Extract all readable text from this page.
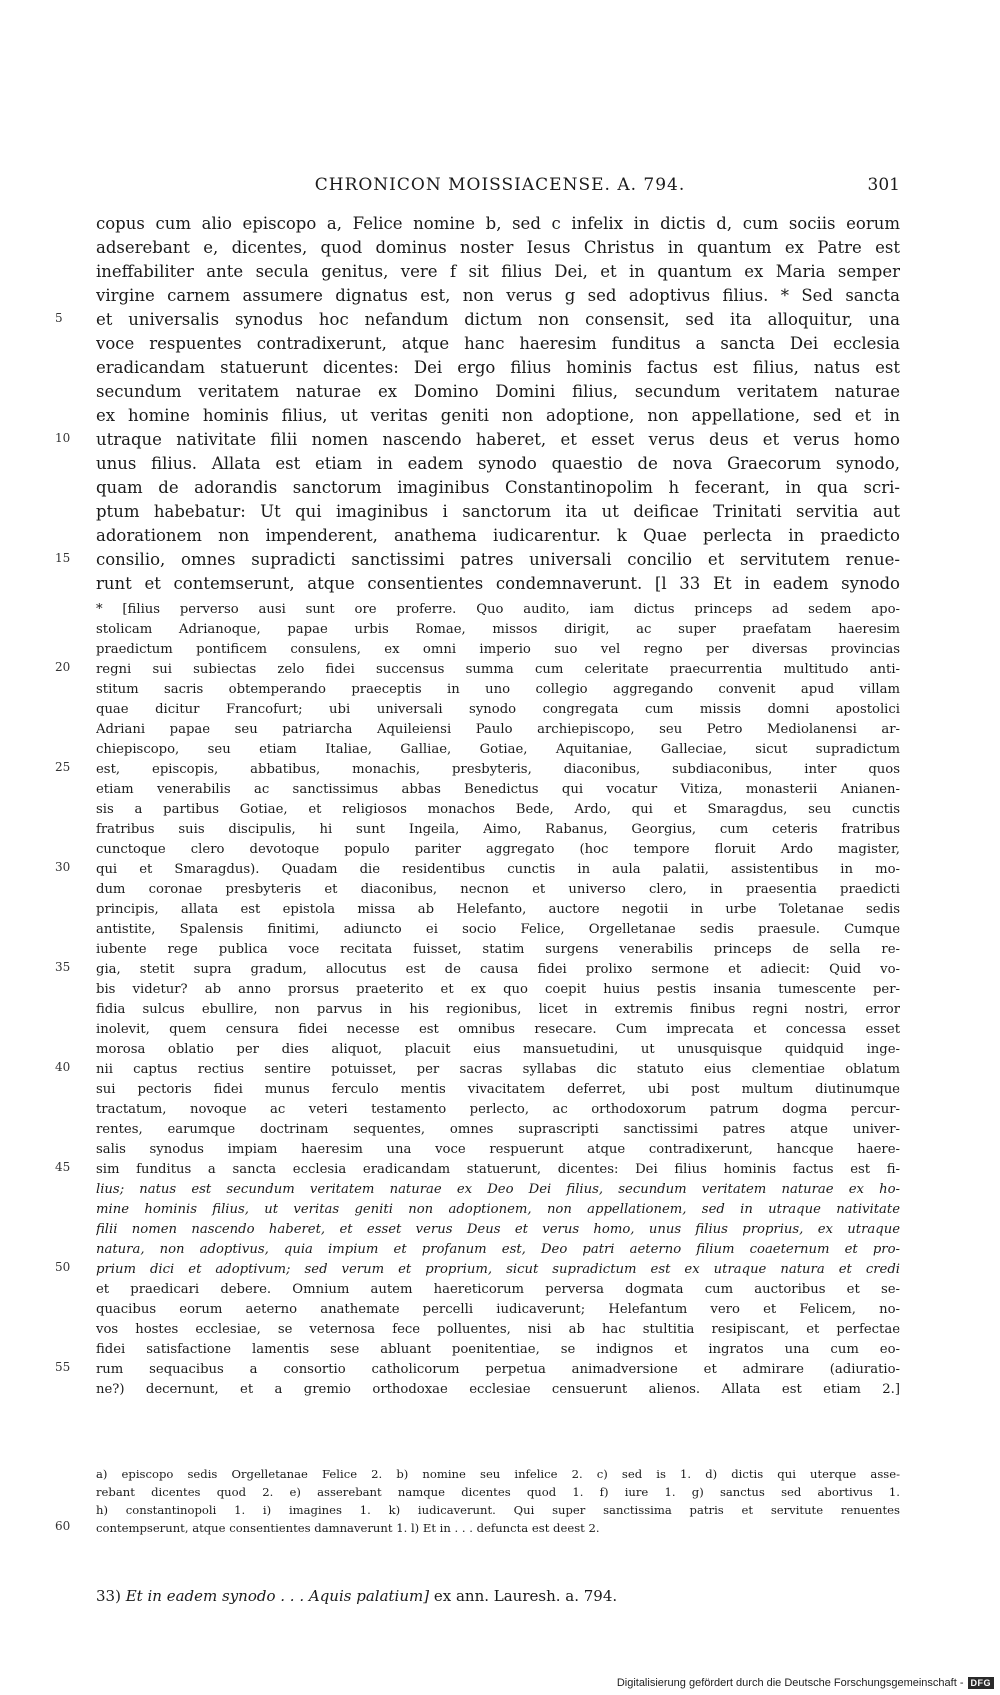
CHRONICON MOISSIACENSE. A. 794.	301
copus cum alio episcopo a, Felice nomine b, sed c infelix in dictis d, cum sociis eorum
adserebant e, dicentes, quod dominus noster Iesus Christus in quantum ex Patre est
ineffabiliter ante secula genitus, vere f sit filius Dei, et in quantum ex Maria semper
virgine carnem assumere dignatus est, non verus g sed adoptivus filius. * Sed sancta
et universalis synodus hoc nefandum dictum non consensit, sed ita alloquitur, una
voce respuentes contradixerunt, atque hanc haeresim funditus a sancta Dei ecclesia
eradicandam statuerunt dicentes: Dei ergo filius hominis factus est filius, natus est
secundum veritatem naturae ex Domino Domini filius, secundum veritatem naturae
ex homine hominis filius, ut veritas geniti non adoptione, non appellatione, sed et in
utraque nativitate filii nomen nascendo haberet, et esset verus deus et verus homo
unus filius. Allata est etiam in eadem synodo quaestio de nova Graecorum synodo,
quam de adorandis sanctorum imaginibus Constantinopolim h fecerant, in qua scri-
ptum habebatur: Ut qui imaginibus i sanctorum ita ut deificae Trinitati servitia aut
adorationem non impenderent, anathema iudicarentur. k Quae perlecta in praedicto
consilio, omnes supradicti sanctissimi patres universali concilio et servitutem renue-
runt et contemserunt, atque consentientes condemnaverunt. [l 33 Et in eadem synodo
5
10
15
* [filius perverso ausi sunt ore proferre. Quo audito, iam dictus princeps ad sedem apo-
stolicam Adrianoque, papae urbis Romae, missos dirigit, ac super praefatam haeresim
praedictum pontificem consulens, ex omni imperio suo vel regno per diversas provincias
regni sui subiectas zelo fidei succensus summa cum celeritate praecurrentia multitudo anti-
stitum sacris obtemperando praeceptis in uno collegio aggregando convenit apud villam
quae dicitur Francofurt; ubi universali synodo congregata cum missis domni apostolici
Adriani papae seu patriarcha Aquileiensi Paulo archiepiscopo, seu Petro Mediolanensi ar-
chiepiscopo, seu etiam Italiae, Galliae, Gotiae, Aquitaniae, Galleciae, sicut supradictum
est, episcopis, abbatibus, monachis, presbyteris, diaconibus, subdiaconibus, inter quos
etiam venerabilis ac sanctissimus abbas Benedictus qui vocatur Vitiza, monasterii Anianen-
sis a partibus Gotiae, et religiosos monachos Bede, Ardo, qui et Smaragdus, seu cunctis
fratribus suis discipulis, hi sunt Ingeila, Aimo, Rabanus, Georgius, cum ceteris fratribus
cunctoque clero devotoque populo pariter aggregato (hoc tempore floruit Ardo magister,
qui et Smaragdus). Quadam die residentibus cunctis in aula palatii, assistentibus in mo-
dum coronae presbyteris et diaconibus, necnon et universo clero, in praesentia praedicti
principis, allata est epistola missa ab Helefanto, auctore negotii in urbe Toletanae sedis
antistite, Spalensis finitimi, adiuncto ei socio Felice, Orgelletanae sedis praesule. Cumque
iubente rege publica voce recitata fuisset, statim surgens venerabilis princeps de sella re-
gia, stetit supra gradum, allocutus est de causa fidei prolixo sermone et adiecit: Quid vo-
bis videtur? ab anno prorsus praeterito et ex quo coepit huius pestis insania tumescente per-
fidia sulcus ebullire, non parvus in his regionibus, licet in extremis finibus regni nostri, error
inolevit, quem censura fidei necesse est omnibus resecare. Cum imprecata et concessa esset
morosa oblatio per dies aliquot, placuit eius mansuetudini, ut unusquisque quidquid inge-
nii captus rectius sentire potuisset, per sacras syllabas dic statuto eius clementiae oblatum
sui pectoris fidei munus ferculo mentis vivacitatem deferret, ubi post multum diutinumque
tractatum, novoque ac veteri testamento perlecto, ac orthodoxorum patrum dogma percur-
rentes, earumque doctrinam sequentes, omnes suprascripti sanctissimi patres atque univer-
salis synodus impiam haeresim una voce respuerunt atque contradixerunt, hancque haere-
sim funditus a sancta ecclesia eradicandam statuerunt, dicentes: Dei filius hominis factus est fi-
lius; natus est secundum veritatem naturae ex Deo Dei filius, secundum veritatem naturae ex ho-
mine hominis filius, ut veritas geniti non adoptionem, non appellationem, sed in utraque nativitate
filii nomen nascendo haberet, et esset verus Deus et verus homo, unus filius proprius, ex utraque
natura, non adoptivus, quia impium et profanum est, Deo patri aeterno filium coaeternum et pro-
prium dici et adoptivum; sed verum et proprium, sicut supradictum est ex utraque natura et credi
et praedicari debere. Omnium autem haereticorum perversa dogmata cum auctoribus et se-
quacibus eorum aeterno anathemate percelli iudicaverunt; Helefantum vero et Felicem, no-
vos hostes ecclesiae, se veternosa fece polluentes, nisi ab hac stultitia resipiscant, et perfectae
fidei satisfactione lamentis sese abluant poenitentiae, se indignos et ingratos una cum eo-
rum sequacibus a consortio catholicorum perpetua animadversione et admirare (adiuratio-
ne?) decernunt, et a gremio orthodoxae ecclesiae censuerunt alienos. Allata est etiam 2.]
20
25
30
35
40
45
50
55
a) episcopo sedis Orgelletanae Felice 2. b) nomine seu infelice 2. c) sed is 1. d) dictis qui uterque asse-
rebant dicentes quod 2. e) asserebant namque dicentes quod 1. f) iure 1. g) sanctus sed abortivus 1.
h) constantinopoli 1. i) imagines 1. k) iudicaverunt. Qui super sanctissima patris et servitute renuentes
contempserunt, atque consentientes damnaverunt 1. l) Et in . . . defuncta est deest 2.
60
33) Et in eadem synodo . . . Aquis palatium] ex ann. Lauresh. a. 794.
Digitalisierung gefördert durch die Deutsche Forschungsgemeinschaft - DFG
